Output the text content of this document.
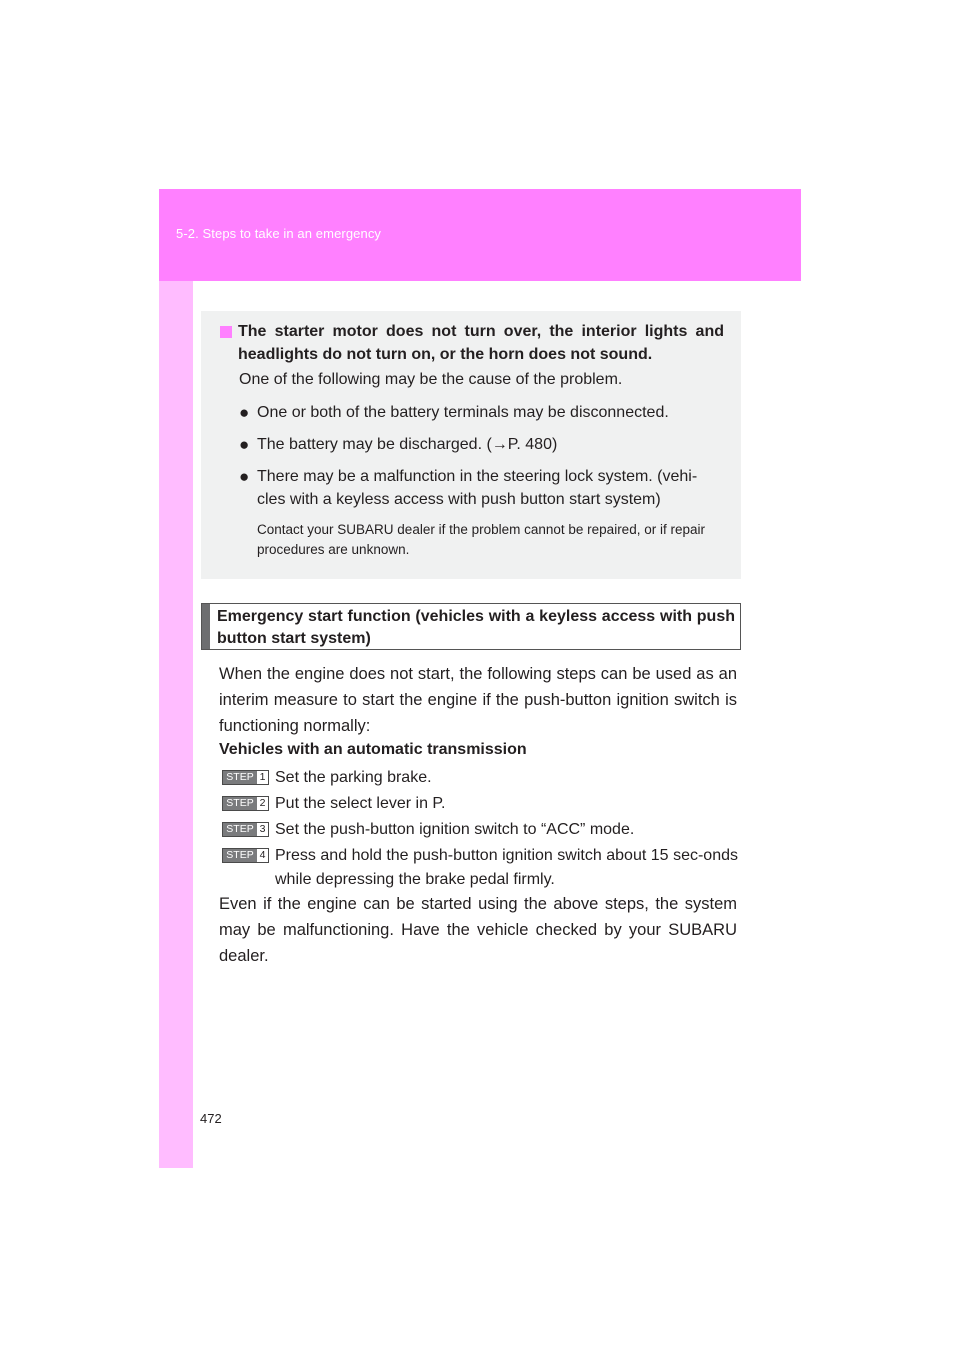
5-2. Steps to take in an emergency
The starter motor does not turn over, the interior lights and headlights do not turn on, or the horn does not sound.
One of the following may be the cause of the problem.
● One or both of the battery terminals may be disconnected.
● The battery may be discharged. (→P. 480)
● There may be a malfunction in the steering lock system. (vehi-cles with a keyless access with push button start system)
Contact your SUBARU dealer if the problem cannot be repaired, or if repair procedures are unknown.
Emergency start function (vehicles with a keyless access with push button start system)
When the engine does not start, the following steps can be used as an interim measure to start the engine if the push-button ignition switch is functioning normally:
Vehicles with an automatic transmission
STEP 1 Set the parking brake.
STEP 2 Put the select lever in P.
STEP 3 Set the push-button ignition switch to “ACC” mode.
STEP 4 Press and hold the push-button ignition switch about 15 sec-onds while depressing the brake pedal firmly.
Even if the engine can be started using the above steps, the system may be malfunctioning. Have the vehicle checked by your SUBARU dealer.
472
